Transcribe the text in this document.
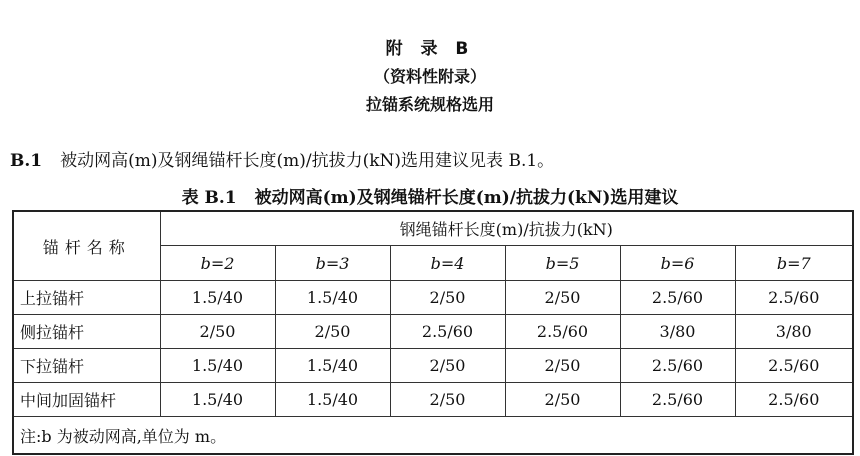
附 录 B
（资料性附录）
拉锚系统规格选用
B.1 被动网高(m)及钢绳锚杆长度(m)/抗拔力(kN)选用建议见表 B.1。
表 B.1 被动网高(m)及钢绳锚杆长度(m)/抗拔力(kN)选用建议
锚杆名称	钢绳锚杆长度(m)/抗拔力(kN)					
	b=2	b=3	b=4	b=5	b=6	b=7
上拉锚杆	1.5/40	1.5/40	2/50	2/50	2.5/60	2.5/60
侧拉锚杆	2/50	2/50	2.5/60	2.5/60	3/80	3/80
下拉锚杆	1.5/40	1.5/40	2/50	2/50	2.5/60	2.5/60
中间加固锚杆	1.5/40	1.5/40	2/50	2/50	2.5/60	2.5/60
注:b 为被动网高,单位为 m。						
